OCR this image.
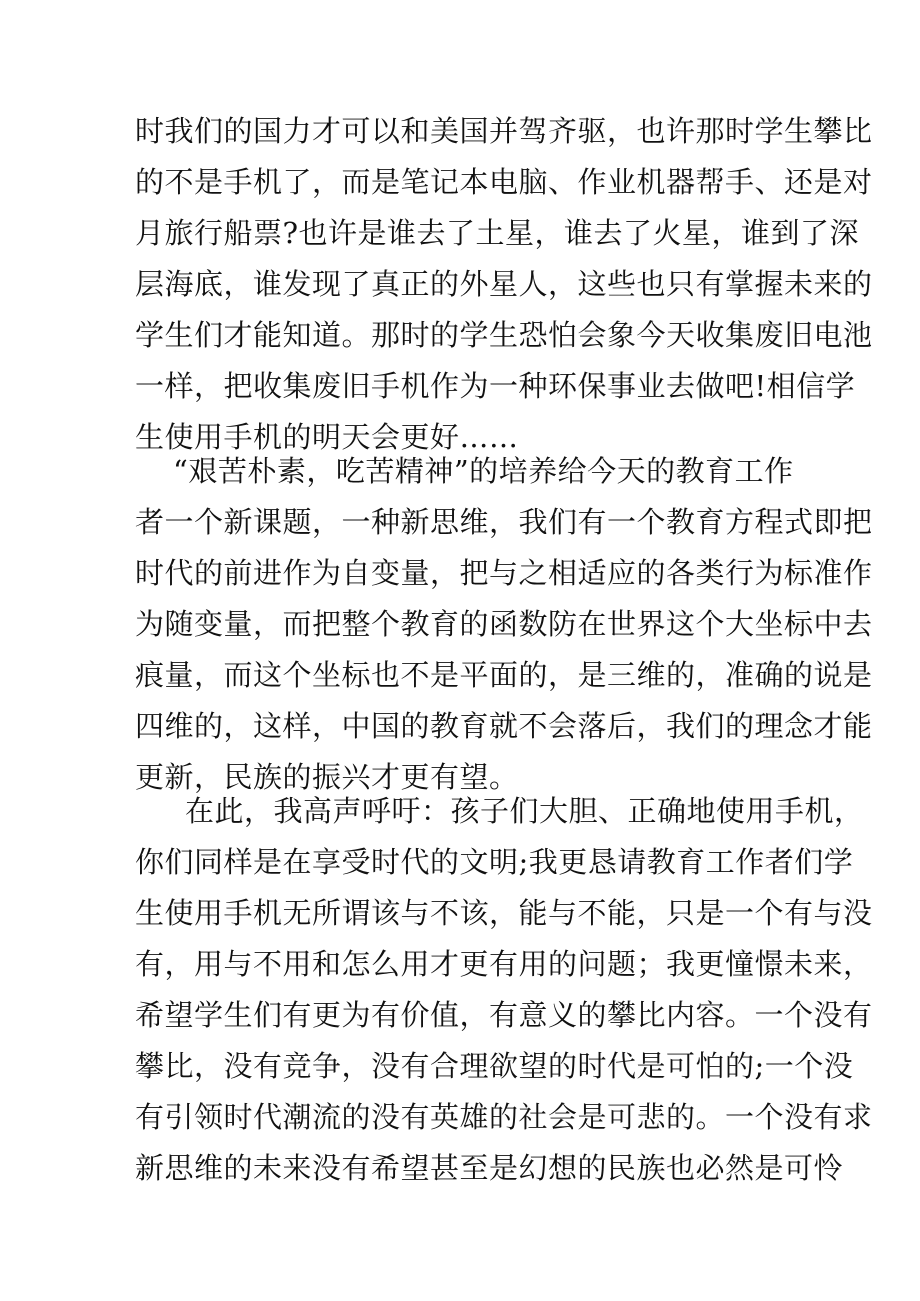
时我们的国力才可以和美国并驾齐驱，也许那时学生攀比
的不是手机了，而是笔记本电脑、作业机器帮手、还是对
月旅行船票?也许是谁去了土星，谁去了火星，谁到了深
层海底，谁发现了真正的外星人，这些也只有掌握未来的
学生们才能知道。那时的学生恐怕会象今天收集废旧电池
一样，把收集废旧手机作为一种环保事业去做吧!相信学
生使用手机的明天会更好……
“艰苦朴素，吃苦精神”的培养给今天的教育工作
者一个新课题，一种新思维，我们有一个教育方程式即把
时代的前进作为自变量，把与之相适应的各类行为标准作
为随变量，而把整个教育的函数防在世界这个大坐标中去
痕量，而这个坐标也不是平面的，是三维的，准确的说是
四维的，这样，中国的教育就不会落后，我们的理念才能
更新，民族的振兴才更有望。
在此，我高声呼吁：孩子们大胆、正确地使用手机，
你们同样是在享受时代的文明;我更恳请教育工作者们学
生使用手机无所谓该与不该，能与不能，只是一个有与没
有，用与不用和怎么用才更有用的问题；我更憧憬未来，
希望学生们有更为有价值，有意义的攀比内容。一个没有
攀比，没有竞争，没有合理欲望的时代是可怕的;一个没
有引领时代潮流的没有英雄的社会是可悲的。一个没有求
新思维的未来没有希望甚至是幻想的民族也必然是可怜
